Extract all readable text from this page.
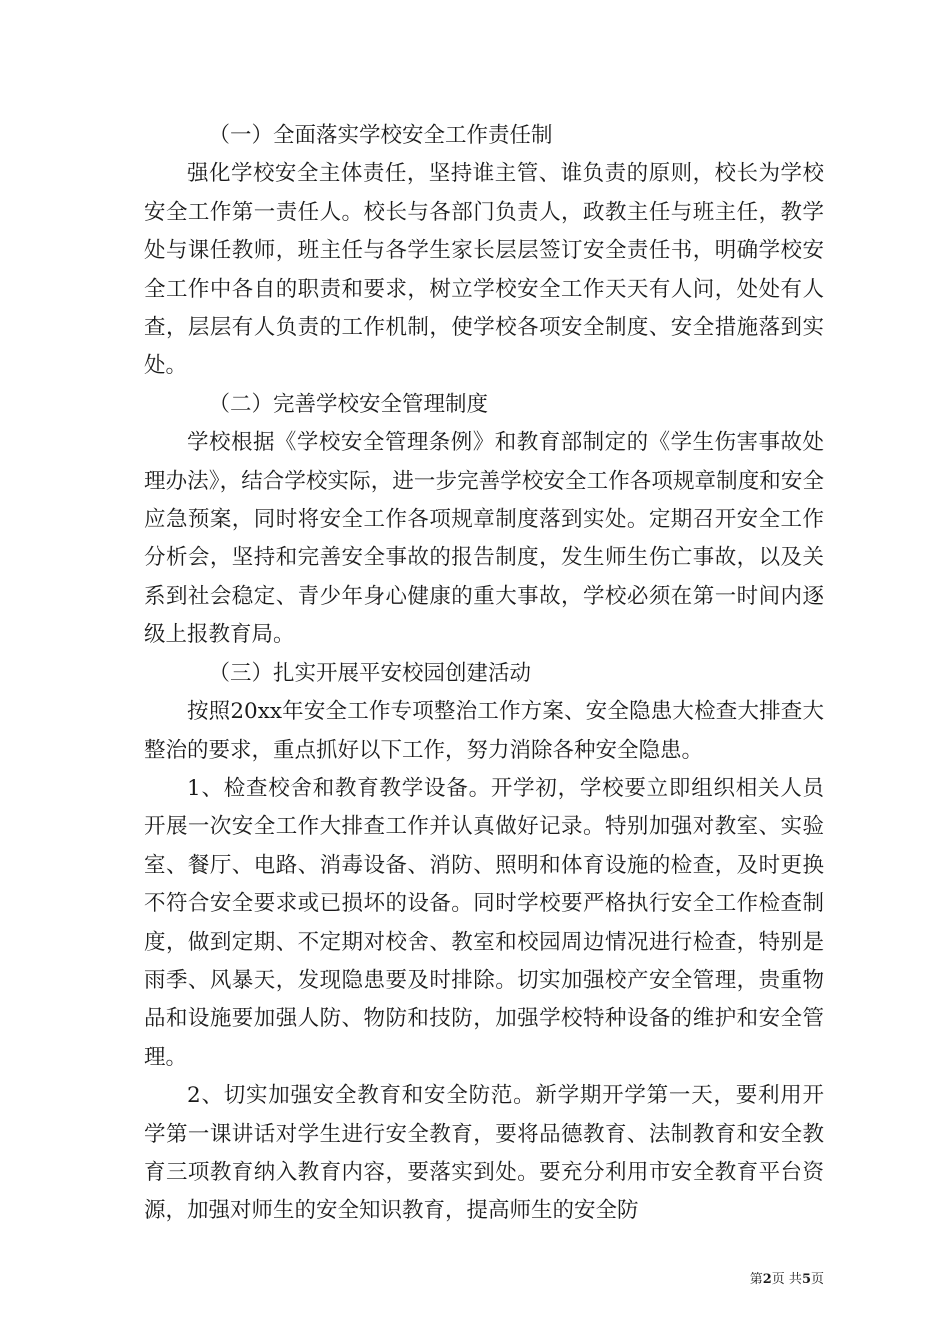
（一）全面落实学校安全工作责任制

强化学校安全主体责任，坚持谁主管、谁负责的原则，校长为学校安全工作第一责任人。校长与各部门负责人，政教主任与班主任，教学处与课任教师，班主任与各学生家长层层签订安全责任书，明确学校安全工作中各自的职责和要求，树立学校安全工作天天有人问，处处有人查，层层有人负责的工作机制，使学校各项安全制度、安全措施落到实处。

（二）完善学校安全管理制度

学校根据《学校安全管理条例》和教育部制定的《学生伤害事故处理办法》，结合学校实际，进一步完善学校安全工作各项规章制度和安全应急预案，同时将安全工作各项规章制度落到实处。定期召开安全工作分析会，坚持和完善安全事故的报告制度，发生师生伤亡事故，以及关系到社会稳定、青少年身心健康的重大事故，学校必须在第一时间内逐级上报教育局。

（三）扎实开展平安校园创建活动

按照20xx年安全工作专项整治工作方案、安全隐患大检查大排查大整治的要求，重点抓好以下工作，努力消除各种安全隐患。

1、检查校舍和教育教学设备。开学初，学校要立即组织相关人员开展一次安全工作大排查工作并认真做好记录。特别加强对教室、实验室、餐厅、电路、消毒设备、消防、照明和体育设施的检查，及时更换不符合安全要求或已损坏的设备。同时学校要严格执行安全工作检查制度，做到定期、不定期对校舍、教室和校园周边情况进行检查，特别是雨季、风暴天，发现隐患要及时排除。切实加强校产安全管理，贵重物品和设施要加强人防、物防和技防，加强学校特种设备的维护和安全管理。

2、切实加强安全教育和安全防范。新学期开学第一天，要利用开学第一课讲话对学生进行安全教育，要将品德教育、法制教育和安全教育三项教育纳入教育内容，要落实到处。要充分利用市安全教育平台资源，加强对师生的安全知识教育，提高师生的安全防

第2页 共5页
